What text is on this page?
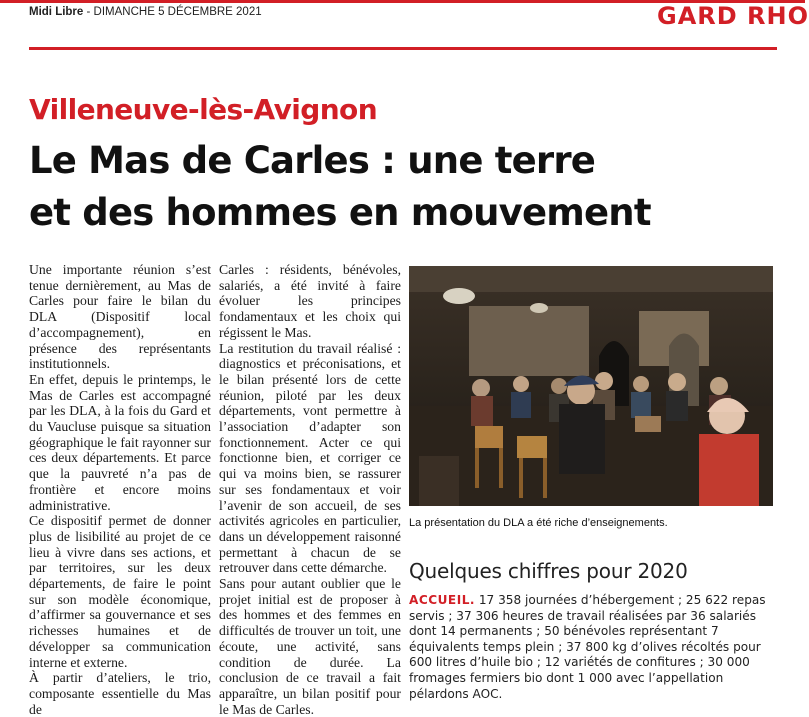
Midi Libre - DIMANCHE 5 DÉCEMBRE 2021	GARD RHO
Villeneuve-lès-Avignon
Le Mas de Carles : une terre
et des hommes en mouvement

Une importante réunion s’est tenue dernièrement, au Mas de Carles pour faire le bilan du DLA (Dispositif local d’accompagnement), en présence des représentants institutionnels.

En effet, depuis le printemps, le Mas de Carles est accompagné par les DLA, à la fois du Gard et du Vaucluse puisque sa situation géographique le fait rayonner sur ces deux départements. Et parce que la pauvreté n’a pas de frontière et encore moins administrative.

Ce dispositif permet de donner plus de lisibilité au projet de ce lieu à vivre dans ses actions, et par territoires, sur les deux départements, de faire le point sur son modèle économique, d’affirmer sa gouvernance et ses richesses humaines et de développer sa communication interne et externe.

À partir d’ateliers, le trio, composante essentielle du Mas de

Carles : résidents, bénévoles, salariés, a été invité à faire évoluer les principes fondamentaux et les choix qui régissent le Mas.

La restitution du travail réalisé : diagnostics et préconisations, et le bilan présenté lors de cette réunion, piloté par les deux départements, vont permettre à l’association d’adapter son fonctionnement. Acter ce qui fonctionne bien, et corriger ce qui va moins bien, se rassurer sur ses fondamentaux et voir l’avenir de son accueil, de ses activités agricoles en particulier, dans un développement raisonné permettant à chacun de se retrouver dans cette démarche.

Sans pour autant oublier que le projet initial est de proposer à des hommes et des femmes en difficultés de trouver un toit, une écoute, une activité, sans condition de durée. La conclusion de ce travail a fait apparaître, un bilan positif pour le Mas de Carles.

La présentation du DLA a été riche d’enseignements.
Quelques chiffres pour 2020
ACCUEIL. 17 358 journées d’hébergement ; 25 622 repas servis ; 37 306 heures de travail réalisées par 36 salariés dont 14 permanents ; 50 bénévoles représentant 7 équivalents temps plein ; 37 800 kg d’olives récoltés pour 600 litres d’huile bio ; 12 variétés de confitures ; 30 000 fromages fermiers bio dont 1 000 avec l’appellation pélardons AOC.
